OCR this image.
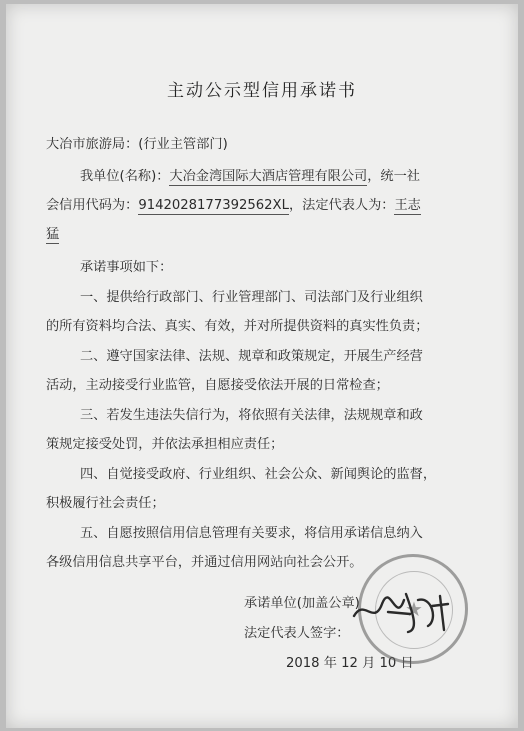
主动公示型信用承诺书
大冶市旅游局：(行业主管部门)
我单位(名称)：大冶金湾国际大酒店管理有限公司，统一社
会信用代码为：9142028177392562XL，法定代表人为：王志
猛
承诺事项如下：
一、提供给行政部门、行业管理部门、司法部门及行业组织
的所有资料均合法、真实、有效，并对所提供资料的真实性负责；
二、遵守国家法律、法规、规章和政策规定，开展生产经营
活动，主动接受行业监管，自愿接受依法开展的日常检查；
三、若发生违法失信行为，将依照有关法律，法规规章和政
策规定接受处罚，并依法承担相应责任；
四、自觉接受政府、行业组织、社会公众、新闻舆论的监督，
积极履行社会责任；
五、自愿按照信用信息管理有关要求，将信用承诺信息纳入
各级信用信息共享平台，并通过信用网站向社会公开。
承诺单位(加盖公章)
法定代表人签字：
2018 年 12 月 10 日
★
